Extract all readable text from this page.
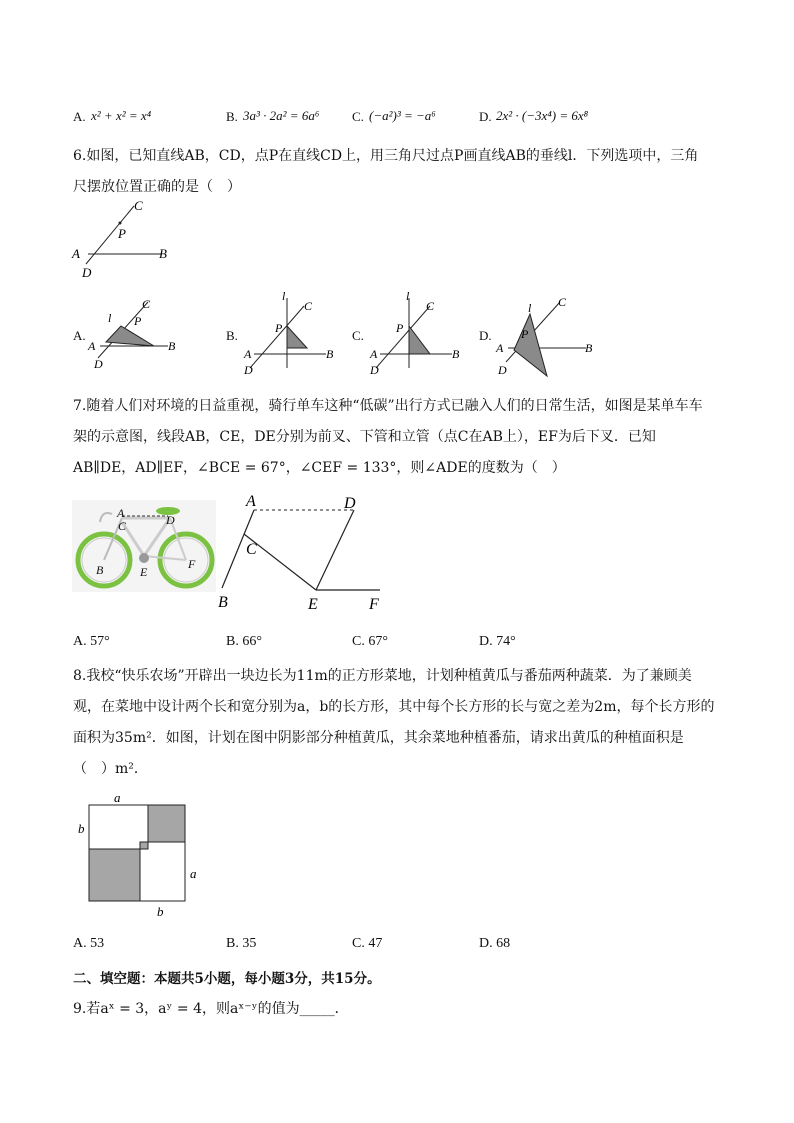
A. x² + x² = x⁴	B. 3a³ · 2a² = 6a⁶	C. (−a²)³ = −a⁶	D. 2x² · (−3x⁴) = 6x⁸
6.如图，已知直线AB，CD，点P在直线CD上，用三角尺过点P画直线AB的垂线l．下列选项中，三角
尺摆放位置正确的是（　）
A	B
C
D
P
A.
A	B
C
D
P
l
B.
A	B
C
D
P
l
C.
A	B
C
D
P
l
D.
A	B
C
D
P
l
7.随着人们对环境的日益重视，骑行单车这种“低碳”出行方式已融入人们的日常生活，如图是某单车车
架的示意图，线段AB，CE，DE分别为前叉、下管和立管（点C在AB上），EF为后下叉．已知
AB∥DE，AD∥EF，∠BCE = 67°，∠CEF = 133°，则∠ADE的度数为（　）
A
C	D
B	E
F
A	D
C
B	E	F
A. 57°	B. 66°	C. 67°	D. 74°
8.我校“快乐农场”开辟出一块边长为11m的正方形菜地，计划种植黄瓜与番茄两种蔬菜．为了兼顾美
观，在菜地中设计两个长和宽分别为a，b的长方形，其中每个长方形的长与宽之差为2m，每个长方形的
面积为35m²．如图，计划在图中阴影部分种植黄瓜，其余菜地种植番茄，请求出黄瓜的种植面积是
（　）m²．
a
b
a
b
A. 53	B. 35	C. 47	D. 68
二、填空题：本题共5小题，每小题3分，共15分。
9.若aˣ = 3，aʸ = 4，则aˣ⁻ʸ的值为_____．
